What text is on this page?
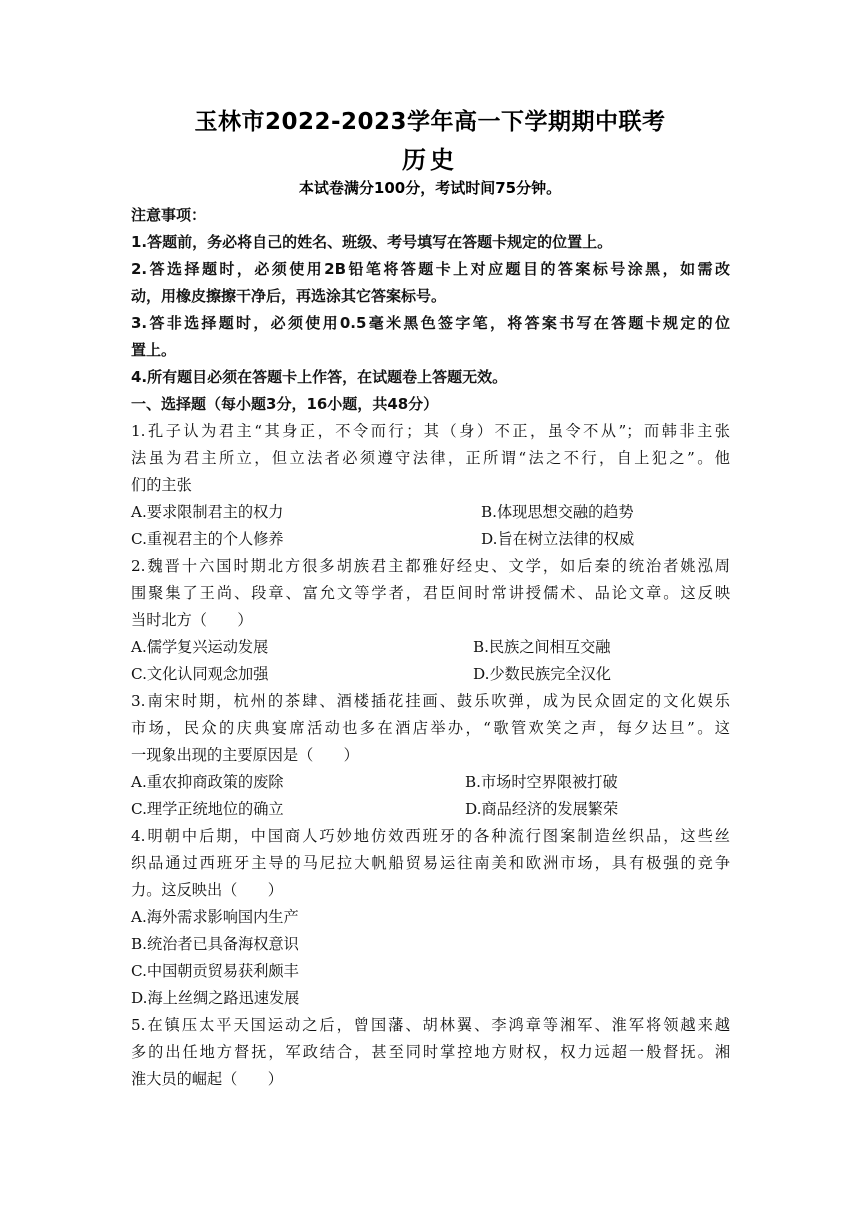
玉林市2022-2023学年高一下学期期中联考
历史
本试卷满分100分，考试时间75分钟。
注意事项：
1.答题前，务必将自己的姓名、班级、考号填写在答题卡规定的位置上。
2.答选择题时，必须使用2B铅笔将答题卡上对应题目的答案标号涂黑，如需改
动，用橡皮擦擦干净后，再选涂其它答案标号。
3.答非选择题时，必须使用0.5毫米黑色签字笔，将答案书写在答题卡规定的位
置上。
4.所有题目必须在答题卡上作答，在试题卷上答题无效。
一、选择题（每小题3分，16小题，共48分）
1.孔子认为君主“其身正，不令而行；其（身）不正，虽令不从”；而韩非主张
法虽为君主所立，但立法者必须遵守法律，正所谓“法之不行，自上犯之”。他
们的主张
A.要求限制君主的权力	B.体现思想交融的趋势
C.重视君主的个人修养	D.旨在树立法律的权威
2.魏晋十六国时期北方很多胡族君主都雅好经史、文学，如后秦的统治者姚泓周
围聚集了王尚、段章、富允文等学者，君臣间时常讲授儒术、品论文章。这反映
当时北方（　　）
A.儒学复兴运动发展	B.民族之间相互交融
C.文化认同观念加强	D.少数民族完全汉化
3.南宋时期，杭州的茶肆、酒楼插花挂画、鼓乐吹弹，成为民众固定的文化娱乐
市场，民众的庆典宴席活动也多在酒店举办，“歌管欢笑之声，每夕达旦”。这
一现象出现的主要原因是（　　）
A.重农抑商政策的废除	B.市场时空界限被打破
C.理学正统地位的确立	D.商品经济的发展繁荣
4.明朝中后期，中国商人巧妙地仿效西班牙的各种流行图案制造丝织品，这些丝
织品通过西班牙主导的马尼拉大帆船贸易运往南美和欧洲市场，具有极强的竞争
力。这反映出（　　）
A.海外需求影响国内生产
B.统治者已具备海权意识
C.中国朝贡贸易获利颇丰
D.海上丝绸之路迅速发展
5.在镇压太平天国运动之后，曾国藩、胡林翼、李鸿章等湘军、淮军将领越来越
多的出任地方督抚，军政结合，甚至同时掌控地方财权，权力远超一般督抚。湘
淮大员的崛起（　　）
